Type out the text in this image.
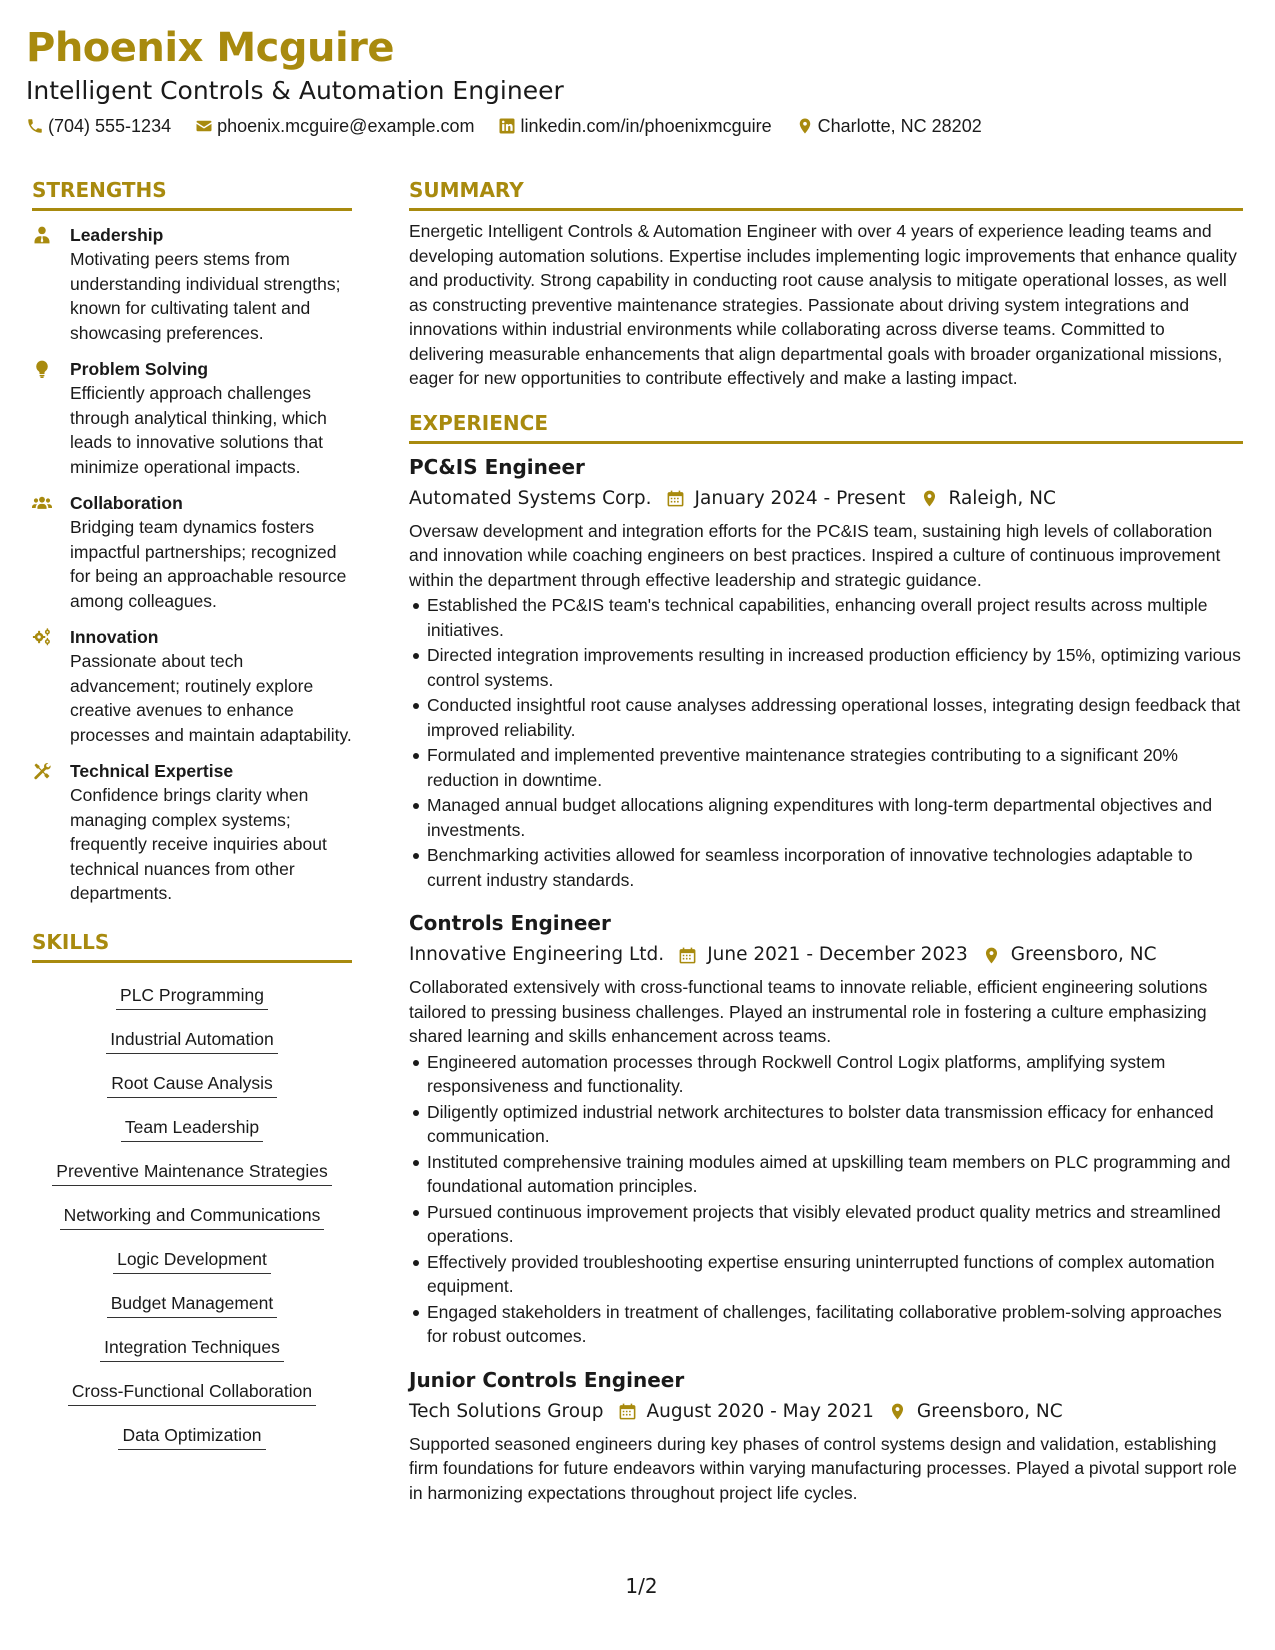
Phoenix Mcguire
Intelligent Controls & Automation Engineer
(704) 555-1234	phoenix.mcguire@example.com	linkedin.com/in/phoenixmcguire	Charlotte, NC 28202
STRENGTHS
Leadership
Motivating peers stems from understanding individual strengths; known for cultivating talent and showcasing preferences.
Problem Solving
Efficiently approach challenges through analytical thinking, which leads to innovative solutions that minimize operational impacts.
Collaboration
Bridging team dynamics fosters impactful partnerships; recognized for being an approachable resource among colleagues.
Innovation
Passionate about tech advancement; routinely explore creative avenues to enhance processes and maintain adaptability.
Technical Expertise
Confidence brings clarity when managing complex systems; frequently receive inquiries about technical nuances from other departments.
SKILLS
PLC Programming
Industrial Automation
Root Cause Analysis
Team Leadership
Preventive Maintenance Strategies
Networking and Communications
Logic Development
Budget Management
Integration Techniques
Cross-Functional Collaboration
Data Optimization
SUMMARY
Energetic Intelligent Controls & Automation Engineer with over 4 years of experience leading teams and developing automation solutions. Expertise includes implementing logic improvements that enhance quality and productivity. Strong capability in conducting root cause analysis to mitigate operational losses, as well as constructing preventive maintenance strategies. Passionate about driving system integrations and innovations within industrial environments while collaborating across diverse teams. Committed to delivering measurable enhancements that align departmental goals with broader organizational missions, eager for new opportunities to contribute effectively and make a lasting impact.
EXPERIENCE
PC&IS Engineer
Automated Systems Corp. January 2024 - Present Raleigh, NC
Oversaw development and integration efforts for the PC&IS team, sustaining high levels of collaboration and innovation while coaching engineers on best practices. Inspired a culture of continuous improvement within the department through effective leadership and strategic guidance.
Established the PC&IS team's technical capabilities, enhancing overall project results across multiple initiatives.
Directed integration improvements resulting in increased production efficiency by 15%, optimizing various control systems.
Conducted insightful root cause analyses addressing operational losses, integrating design feedback that improved reliability.
Formulated and implemented preventive maintenance strategies contributing to a significant 20% reduction in downtime.
Managed annual budget allocations aligning expenditures with long-term departmental objectives and investments.
Benchmarking activities allowed for seamless incorporation of innovative technologies adaptable to current industry standards.
Controls Engineer
Innovative Engineering Ltd. June 2021 - December 2023 Greensboro, NC
Collaborated extensively with cross-functional teams to innovate reliable, efficient engineering solutions tailored to pressing business challenges. Played an instrumental role in fostering a culture emphasizing shared learning and skills enhancement across teams.
Engineered automation processes through Rockwell Control Logix platforms, amplifying system responsiveness and functionality.
Diligently optimized industrial network architectures to bolster data transmission efficacy for enhanced communication.
Instituted comprehensive training modules aimed at upskilling team members on PLC programming and foundational automation principles.
Pursued continuous improvement projects that visibly elevated product quality metrics and streamlined operations.
Effectively provided troubleshooting expertise ensuring uninterrupted functions of complex automation equipment.
Engaged stakeholders in treatment of challenges, facilitating collaborative problem-solving approaches for robust outcomes.
Junior Controls Engineer
Tech Solutions Group August 2020 - May 2021 Greensboro, NC
Supported seasoned engineers during key phases of control systems design and validation, establishing firm foundations for future endeavors within varying manufacturing processes. Played a pivotal support role in harmonizing expectations throughout project life cycles.
1/2
